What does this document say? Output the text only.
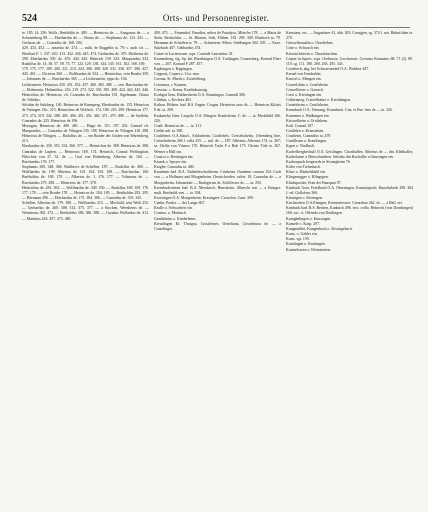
524	Orts- und Personenregister.

te. 185. 14. 256. Wolfr., Berthildis te. 489. — Heinricus de. — Ansgarius de. — a Schonenberg 88. — Eberhardus de. — Bruno de. — Stephanus de. 123. 241. — Gerlacus de. — Conradus de. 168. 204.

429. 433. 452. — notarius de. 274. — milit. de Ruggelin ta. 79; s. auch cfr. — Eberhart F. 1. 337. 410. 413. 432. 436. 445. 474. Gerhardus de. 470. Dietherus de. 390. Eberhardus 350. de. 476. 444. 443. Heinrich 159. 233. Marquardus 332. Rudolfus de. 14. 38. 57. 58. 75. 77. 122. 129. 138. 144. 145. 161. 162. 168. 169.

170. 175. 177. 189. 200. 211. 213. 224. 306. 308. 320. 331. 336. 357. 386. 427. 445. 461. — Dicterus 360. — Wolfhardus de 334. — Heinrichus, sein Bruder 359. — Johannes de. — Burchardus 365. — a Lichtenstein, eppo ds. 104.

Lichtenstein. Heinricus 450. 451. 452. 457. 460. 483. 488. — sen. Burchardus de. — Hohenrain. Hohenfelsz. 216. 219. 273. 322. 356. 395. 408. 424. 444. 445. 446. Heinrichus de. Heinricus, cfr. Conradus de. Burchardus 181. Sigelmann. Chuno de. Sifridus.

Sifridus de Sulzberg. 140. Heinricus de Ramsperg. Eberhardus de. 155. Heinricus de Vatingen. Dic. 215. Heinrichus de Wolfach. 174. 180. 216. 299. Heinricus 177. 273. 274. 319. 342. 388. 405. 406. 451. 452. 462. 471. 479. 498. — de Stoffeln. Conradus de. 225. Heinricus de 196.

Meyngan, Heinricus de. 480. 481. — Hugo de. 151. 197. 201. Cunrad cfr. Marquardus. — Conradus de Vilingen 135. 198. Heinricus de Vilingen 218. 288. Heinricus de Vilingen. — Rudolfus de. — ein Bruder des Grafen von Wartenberg. 213.

Eberhardus de. 350. 353. 354. 366. 377. — Heinrichus de. 388. Heinricus de. 388. Cunradus de Lupfen. — Heinricus 169. 174. Heinrich, Conrad Pfeffinghart, Fhlochitz von 27. 52. de. — Graf von Hohenberg, Albertus de. 164. — Burchardus 176. 177.

Stephanus 300. 348. 386. Walthervs de Schellen. 187. — Rudolfus de. 400. — Wolfhardus de. 199. Albertus de. 161. 162. 165. 168. — Burchardus. 166. Bertholdus de. 169. 170. — Albertus de. 1. 176. 177. — Volmarus de. — Burchardus 279. 298. — Heinricus de. 377. 378.

Heinrichus de. 281. 302. — Wolfhardus de. 349. 350. — Rudolfus 168. 169. 176. 177. 178. — sein Bruder 178. — Heinricus de. 184. 185. — Bertholdus 292. 295. — Hermann 296. — Eberhardus de. 175. 184. 306. — Cunradus de. 335. 345.

Schellen. Albertus de. 179. 180. — Wolfhardus 215. — Mechtild, sein Weib 252. — Gerhardus de. 260. 308. 314. 375. 377. — a Stocken, Wernherus de. — Wernherus 365. 372. — Bertholdus 384. 386. 388. — Curadus Wolfardus de. 412. — Martinus 443. 457. 473. 480.

490. 473. — Frauenhof. Paradies, mless de Paradyso, Mönche 178. — a Maria de Stein, Bertholdus. — St. Blasien. Stift, Flühen. 181. 290. 300. Rinsbach ta. 79. Hermann de Schaffen ta. 79. — Schneeren: Mirso. Siedlungen 304. 305. — Ezzo. Sulzbuch 407. Gebhardus 474.

Conze in Lucieracum. ssps. Conrade Laurentius 31.

Knonenberg, slg. Sp. bei Warsthingen O.A. Tuttlingen, Conzesberg. Konrad Pfarr von — 267. Konrad F 287. 457.

Kaphingen o. Kippingen.

Coppertj, Copert o. Cist. sine.

Corona, St. Mariã o. Zwiefelburg.

Cossonua, s. Kunzen.

Cressinc. s. Korna, Kostlinhaussig.

Korbgut Gem. Rikhersheim O.A. Rumsingen. Cunradi 306.

Ciltthus, s. Kechotz 401.

Krihon. Hölzen. bad. B.S. Engen. Crogns. Heinricus acuc ds. — Heinricus Kilotis 8 de. ta. 209.

Krakaneby Gem. Leopolz O.A. Wangen. Kranicheim. C. de. — ta. Mechthild 166. 226.

Cradt. Heinricus de. — ta. 311.

Crelbe adr. ta. 380.

Crutlebern O.A.Staufi., Erhlasheim. Cradiebels. Creiselsshelm, Orlemberg hire, Creiselseheim 266 f. cella 255. — mil. de — 187. Albertus, Albertus 174. ta. 267; sa. Ottilia von Vinzers 170. Heinrich Tacht F a Halt 175. Christe Tide ta. 267. Werner a Hall sin.

Crusica o. Breitingen ain.

Kraark o. Spoyer ein.

Kragler. Cunradus ta. 400.

Krauheim bad. B.A. Tauberbischofsheim. Crinheim. Oranbem cantum 154. Craft von — a Hollmers and Morgenheim. Deutschorden. cafter. 18. Cunradus de — a Morgenheim. Johannitter — Rudegerius ds. Schiffesser ds. — ta. 292.

Krombachstetten bad. B.A. Messkirch. Hunstetins. Albrecht von — a Ettinger. mult. Bertholdi von — ta. 394.

Krossingen O.A. Morgenheim, Kresingere. Crouelon. Cunr. 309.

Cuelin, Ponlor — der Lange 407.

Krulle o. Schwarbert ein.

Crusina. o. Musbach.

Grndstheim o. Kinderheim.

Kreutlingen Kl. Thurgau, Crusilenses, Oriseliana, Crisselinuss de. — a Cruzelinger.

Kenstanz, eiv. — Augustiner 41, abb. 303. Cronjgen. sg. 374 f. not. Halmifiden ta. 270.

Grösselbraunlin o. Oruelieben.

Crise o. Schwach ein.

Kristuschitrwin o. Chrazlatschim.

Crepin in Jupres. ssps. Orebrusta, Crochenwir. Crownio Kusmarto 68. 71 (2). 80. 110. sg. 111. 180. 260. 263. 295. 341.

Crotebech, abg. bei Schwarsmeied O.A. Waldsee 447.

Kreuel von Fambuhite.

Kruwel o. Mengen ein.

Cruwelshim o. Crutilsheim.

Cruwelleiser o. Gerrach.

Crest o. Kreitingen ein.

Cribetianeg, Criseelleaino o. Krenilangen.

Crutetsheim o. Crutilsheim.

Krumbach O.A. Tettnang, Krumbach. Cun. et Bur. fens de — ta. 326.

Krummer a. Wadhingen ein.

Kriswelheim o. Orulishem.

Kufi. Conrad 107.

Crutlebrn o. Kranstetten.

Cruzheim, Cunradius ta. 479.

Crutilleuns a. Kreutlingen.

Kapei o. Wadbach.

Kuchelbergbeifsulf O.A. Geislingen. Chorthallen. Albertus de — dm. Klekhaller, Kuchelaene a Oberschmehen. Sifridus din Kuchaller a Onnsingen ein.

Kuchenpach bergeords in Sösengheim 76.

Küfer von Tiefenbach.

Klase o. Dünkelsbühl ein.

Klingenegger o. Klingegen.

Klinkspacher, Frau der Bauspart 97.

Kirnbach Gem. Friedbach O.A. Obersingen, Kunzyinpach, Kunzlinbach 298. 304 f. sel. Gallofens 366.

Kiesingen o. Kiesingen.

Kirchstetten O.A.Ehingen, Kirnstetteswer. Crenrebus 262. dr. — a Hall. eiv.

Kirnbach bad. B.S. Bretten, Kunbach 496. rect. cedlo. Heinrich (von Dornbingen) 160; sac. ct. Offenda von Dettlingen.

Kuinghelingen o. Kunsingen.

Kunsele o. Kasp. 297.

Kungmühlet, Kungenbach o. Kiwingebach.

Kurtz, o. Gabler ein.

Kuno. sgr. 139.

Kuntlingen o. Knittingen.

Kuntzelsseen o. Kleinstetten.
